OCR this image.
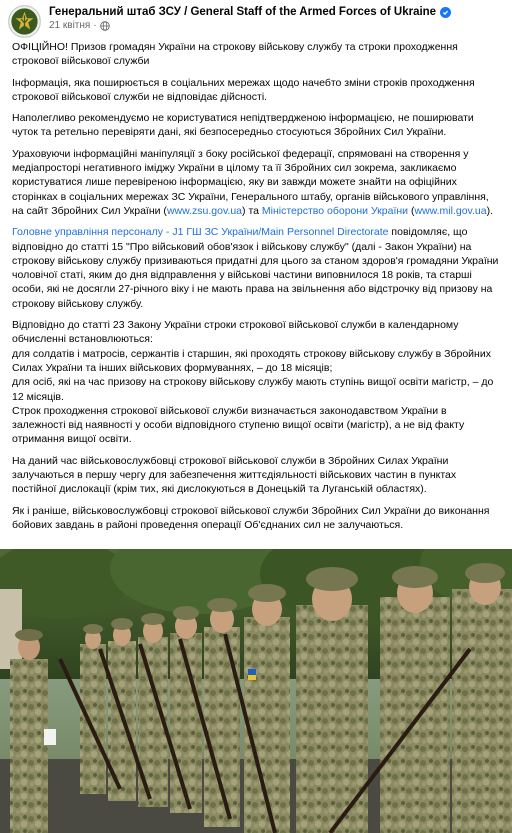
Генеральний штаб ЗСУ / General Staff of the Armed Forces of Ukraine
21 квітня ·

ОФІЦІЙНО! Призов громадян України на строкову військову службу та строки проходження строкової військової служби

Інформація, яка поширюється в соціальних мережах щодо начебто зміни строків проходження строкової військової служби не відповідає дійсності.

Наполегливо рекомендуємо не користуватися непідтвердженою інформацією, не поширювати чуток та ретельно перевіряти дані, які безпосередньо стосуються Збройних Сил України.

Ураховуючи інформаційні маніпуляції з боку російської федерації, спрямовані на створення у медіапросторі негативного іміджу України в цілому та її Збройних сил зокрема, закликаємо користуватися лише перевіреною інформацією, яку ви завжди можете знайти на офіційних сторінках в соціальних мережах ЗС України, Генерального штабу, органів військового управління, на сайт Збройних Сил України (www.zsu.gov.ua) та Міністерство оборони України (www.mil.gov.ua).

Головне управління персоналу - J1 ГШ ЗС України/Main Personnel Directorate повідомляє, що відповідно до статті 15 "Про військовий обов'язок і військову службу" (далі - Закон України) на строкову військову службу призиваються придатні для цього за станом здоров'я громадяни України чоловічої статі, яким до дня відправлення у військові частини виповнилося 18 років, та старші особи, які не досягли 27-річного віку і не мають права на звільнення або відстрочку від призову на строкову військову службу.

Відповідно до статті 23 Закону України строки строкової військової служби в календарному обчисленні встановлюються:
для солдатів і матросів, сержантів і старшин, які проходять строкову військову службу в Збройних Силах України та інших військових формуваннях, – до 18 місяців;
для осіб, які на час призову на строкову військову службу мають ступінь вищої освіти магістр, – до 12 місяців.
Строк проходження строкової військової служби визначається законодавством України в залежності від наявності у особи відповідного ступеню вищої освіти (магістр), а не від факту отримання вищої освіти.

На даний час військовослужбовці строкової військової служби в Збройних Силах України залучаються в першу чергу для забезпечення життєдіяльності військових частин в пунктах постійної дислокації (крім тих, які дислокуються в Донецькій та Луганській областях).

Як і раніше, військовослужбовці строкової військової служби Збройних Сил України до виконання бойових завдань в районі проведення операції Об'єднаних сил не залучаються.
